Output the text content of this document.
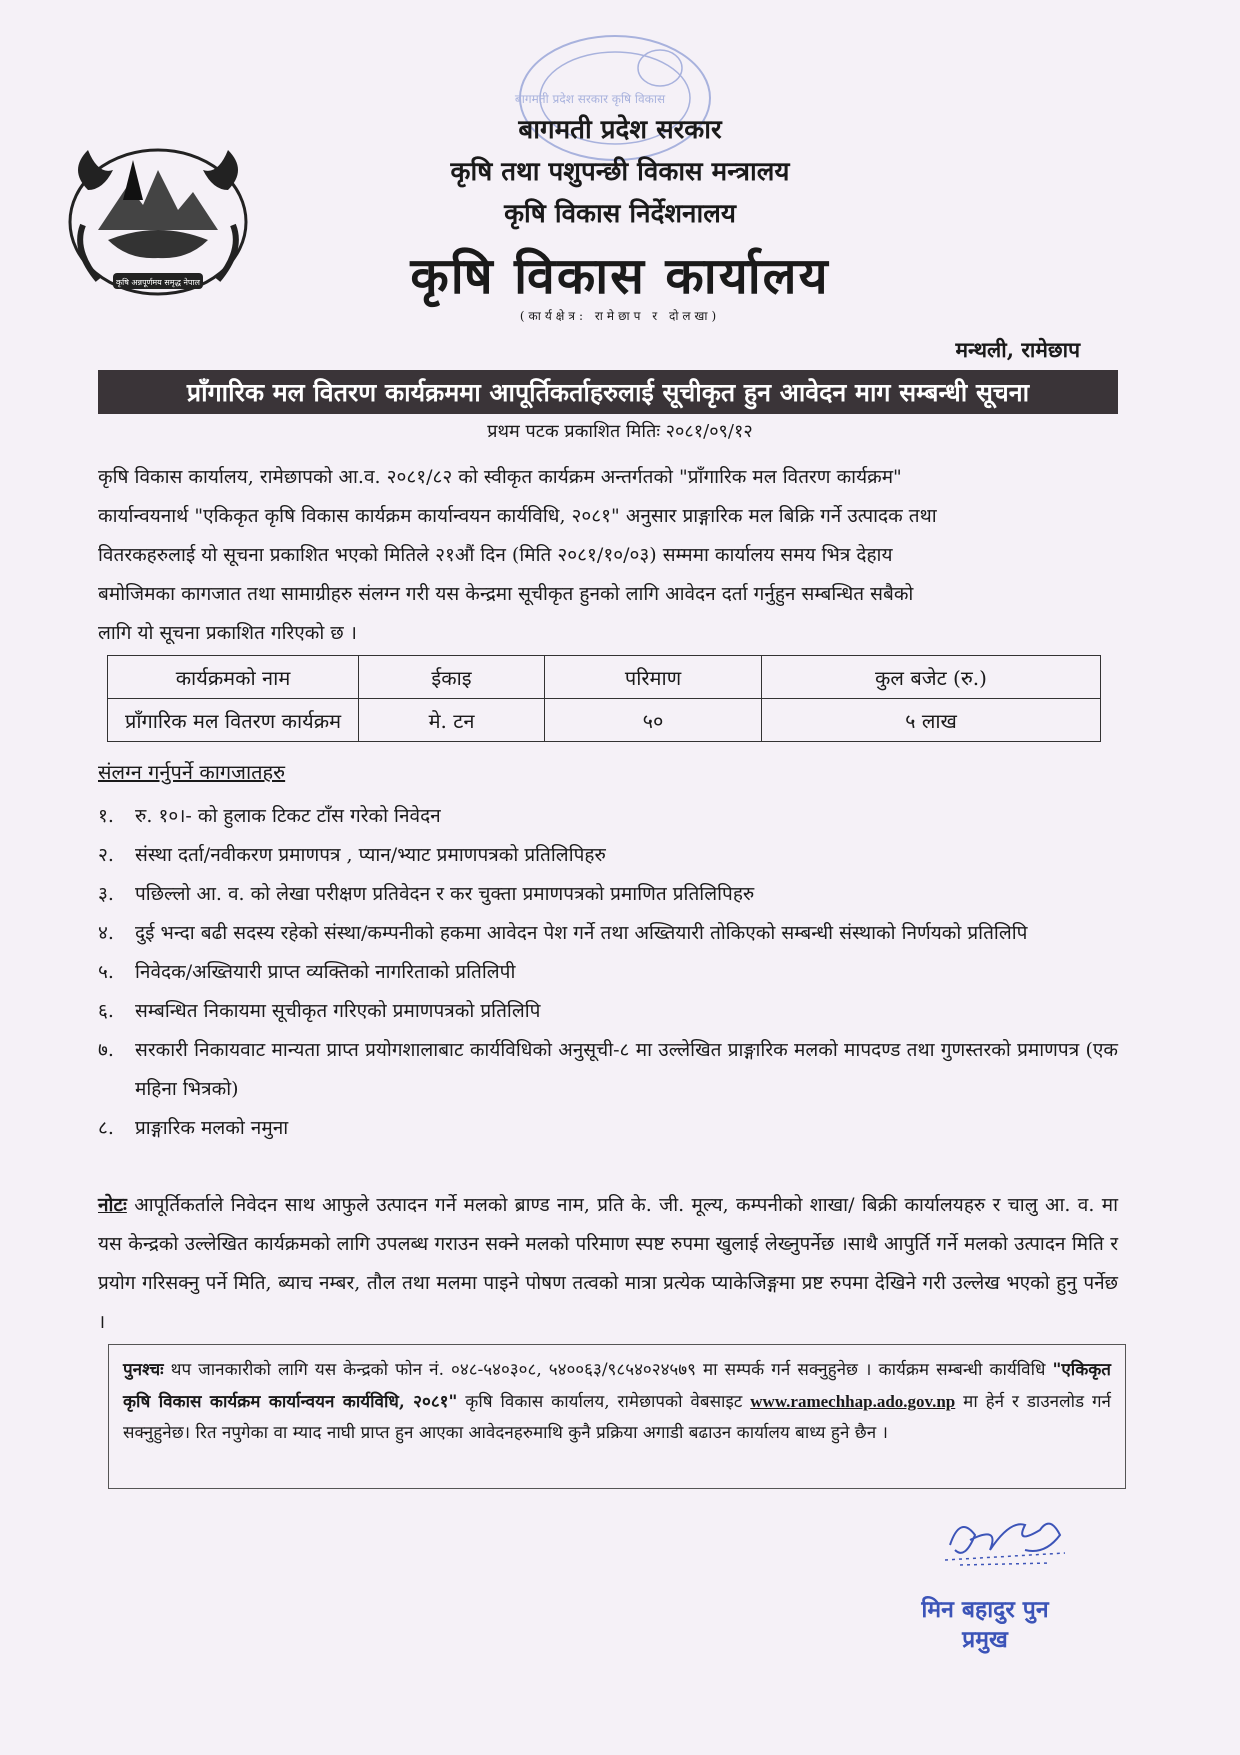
कृषि अन्नपूर्णमय समृद्ध नेपाल
बागमती प्रदेश सरकार कृषि विकास
बागमती प्रदेश सरकार
कृषि तथा पशुपन्छी विकास मन्त्रालय
कृषि विकास निर्देशनालय
कृषि विकास कार्यालय
(कार्यक्षेत्र: रामेछाप र दोलखा)
मन्थली, रामेछाप
प्राँगारिक मल वितरण कार्यक्रममा आपूर्तिकर्ताहरुलाई सूचीकृत हुन आवेदन माग सम्बन्धी सूचना
प्रथम पटक प्रकाशित मितिः २०८१/०९/१२
कृषि विकास कार्यालय, रामेछापको आ.व. २०८१/८२ को स्वीकृत कार्यक्रम अन्तर्गतको "प्राँगारिक मल वितरण कार्यक्रम"
कार्यान्वयनार्थ "एकिकृत कृषि विकास कार्यक्रम कार्यान्वयन कार्यविधि, २०८१" अनुसार प्राङ्गारिक मल बिक्रि गर्ने उत्पादक तथा
वितरकहरुलाई यो सूचना प्रकाशित भएको मितिले २१औं दिन (मिति २०८१/१०/०३) सम्ममा कार्यालय समय भित्र देहाय
बमोजिमका कागजात तथा सामाग्रीहरु संलग्न गरी यस केन्द्रमा सूचीकृत हुनको लागि आवेदन दर्ता गर्नुहुन सम्बन्धित सबैको
लागि यो सूचना प्रकाशित गरिएको छ ।
कार्यक्रमको नाम	ईकाइ	परिमाण	कुल बजेट (रु.)
प्राँगारिक मल वितरण कार्यक्रम	मे. टन	५०	५ लाख
संलग्न गर्नुपर्ने कागजातहरु
१.	रु. १०।- को हुलाक टिकट टाँस गरेको निवेदन
२.	संस्था दर्ता/नवीकरण प्रमाणपत्र , प्यान/भ्याट प्रमाणपत्रको प्रतिलिपिहरु
३.	पछिल्लो आ. व. को लेखा परीक्षण प्रतिवेदन र कर चुक्ता प्रमाणपत्रको प्रमाणित प्रतिलिपिहरु
४.	दुई भन्दा बढी सदस्य रहेको संस्था/कम्पनीको हकमा आवेदन पेश गर्ने तथा अख्तियारी तोकिएको सम्बन्धी संस्थाको निर्णयको प्रतिलिपि
५.	निवेदक/अख्तियारी प्राप्त व्यक्तिको नागरिताको प्रतिलिपी
६.	सम्बन्धित निकायमा सूचीकृत गरिएको प्रमाणपत्रको प्रतिलिपि
७.	सरकारी निकायवाट मान्यता प्राप्त प्रयोगशालाबाट कार्यविधिको अनुसूची-८ मा उल्लेखित प्राङ्गारिक मलको मापदण्ड तथा गुणस्तरको प्रमाणपत्र (एक महिना भित्रको)
८.	प्राङ्गारिक मलको नमुना
नोटः आपूर्तिकर्ताले निवेदन साथ आफुले उत्पादन गर्ने मलको ब्राण्ड नाम, प्रति के. जी. मूल्य, कम्पनीको शाखा/ बिक्री कार्यालयहरु र चालु आ. व. मा यस केन्द्रको उल्लेखित कार्यक्रमको लागि उपलब्ध गराउन सक्ने मलको परिमाण स्पष्ट रुपमा खुलाई लेख्नुपर्नेछ ।साथै आपुर्ति गर्ने मलको उत्पादन मिति र प्रयोग गरिसक्नु पर्ने मिति, ब्याच नम्बर, तौल तथा मलमा पाइने पोषण तत्वको मात्रा प्रत्येक प्याकेजिङ्गमा प्रष्ट रुपमा देखिने गरी उल्लेख भएको हुनु पर्नेछ ।
पुनश्चः थप जानकारीको लागि यस केन्द्रको फोन नं. ०४८-५४०३०८, ५४००६३/९८५४०२४५७९ मा सम्पर्क गर्न सक्नुहुनेछ । कार्यक्रम सम्बन्धी कार्यविधि "एकिकृत कृषि विकास कार्यक्रम कार्यान्वयन कार्यविधि, २०८१" कृषि विकास कार्यालय, रामेछापको वेबसाइट www.ramechhap.ado.gov.np मा हेर्न र डाउनलोड गर्न सक्नुहुनेछ। रित नपुगेका वा म्याद नाघी प्राप्त हुन आएका आवेदनहरुमाथि कुनै प्रक्रिया अगाडी बढाउन कार्यालय बाध्य हुने छैन ।
मिन बहादुर पुन
प्रमुख
